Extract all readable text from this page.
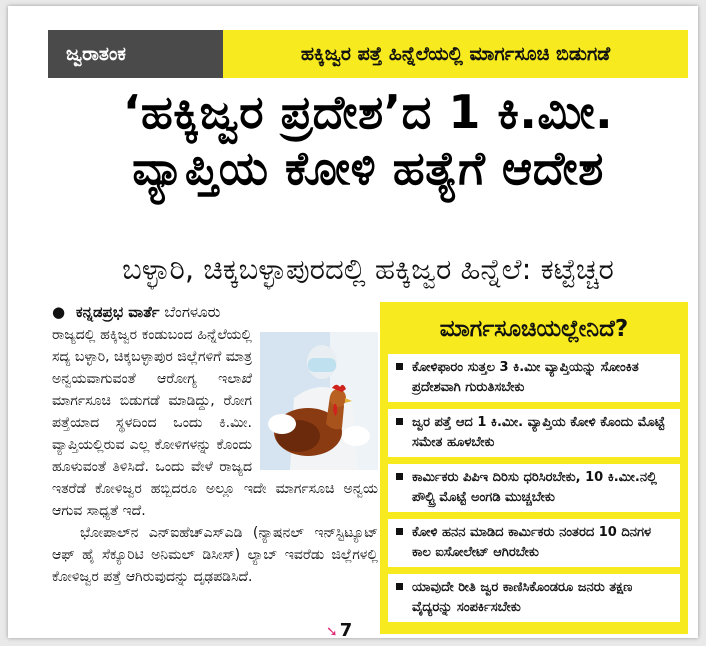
ಜ್ವರಾತಂಕ	ಹಕ್ಕಿಜ್ವರ ಪತ್ತೆ ಹಿನ್ನೆಲೆಯಲ್ಲಿ ಮಾರ್ಗಸೂಚಿ ಬಿಡುಗಡೆ
‘ಹಕ್ಕಿಜ್ವರ ಪ್ರದೇಶ’ದ 1 ಕಿ.ಮೀ.
ವ್ಯಾಪ್ತಿಯ ಕೋಳಿ ಹತ್ಯೆಗೆ ಆದೇಶ
ಬಳ್ಳಾರಿ, ಚಿಕ್ಕಬಳ್ಳಾಪುರದಲ್ಲಿ ಹಕ್ಕಿಜ್ವರ ಹಿನ್ನೆಲೆ: ಕಟ್ಟೆಚ್ಚರ
● ಕನ್ನಡಪ್ರಭ ವಾರ್ತೆ ಬೆಂಗಳೂರು

ರಾಜ್ಯದಲ್ಲಿ ಹಕ್ಕಿಜ್ವರ ಕಂಡುಬಂದ ಹಿನ್ನೆಲೆಯಲ್ಲಿ ಸದ್ಯ ಬಳ್ಳಾರಿ, ಚಿಕ್ಕಬಳ್ಳಾಪುರ ಜಿಲ್ಲೆಗಳಿಗೆ ಮಾತ್ರ ಅನ್ವಯವಾಗುವಂತೆ ಆರೋಗ್ಯ ಇಲಾಖೆ ಮಾರ್ಗಸೂಚಿ ಬಿಡುಗಡೆ ಮಾಡಿದ್ದು, ರೋಗ ಪತ್ತೆಯಾದ ಸ್ಥಳದಿಂದ ಒಂದು ಕಿ.ಮೀ. ವ್ಯಾಪ್ತಿಯಲ್ಲಿರುವ ಎಲ್ಲ ಕೋಳಿಗಳನ್ನು ಕೊಂದು ಹೂಳುವಂತೆ ತಿಳಿಸಿದೆ. ಒಂದು ವೇಳೆ ರಾಜ್ಯದ ಇತರೆಡೆ ಕೋಳಿಜ್ವರ ಹಬ್ಬಿದರೂ ಅಲ್ಲೂ ಇದೇ ಮಾರ್ಗಸೂಚಿ ಅನ್ವಯ ಆಗುವ ಸಾಧ್ಯತೆ ಇದೆ.

ಭೋಪಾಲ್‌ನ ಎನ್‌ಐಹೆಚ್‌ಎಸ್‌ಎಡಿ (ನ್ಯಾಷನಲ್ ಇನ್‌ಸ್ಟಿಟ್ಯೂಟ್ ಆಫ್ ಹೈ ಸೆಕ್ಯೂರಿಟಿ ಅನಿಮಲ್ ಡಿಸೀಸ್) ಲ್ಯಾಬ್ ಇವರೆಡು ಜಿಲ್ಲೆಗಳಲ್ಲಿ ಕೋಳಿಜ್ವರ ಪತ್ತೆ ಆಗಿರುವುದನ್ನು ದೃಢಪಡಿಸಿದೆ.

➘ 7
ಮಾರ್ಗಸೂಚಿಯಲ್ಲೇನಿದೆ?
ಕೋಳಿಫಾರಂ ಸುತ್ತಲ 3 ಕಿ.ಮೀ ವ್ಯಾಪ್ತಿಯನ್ನು ಸೋಂಕಿತ ಪ್ರದೇಶವಾಗಿ ಗುರುತಿಸಬೇಕು
ಜ್ವರ ಪತ್ತೆ ಆದ 1 ಕಿ.ಮೀ. ವ್ಯಾಪ್ತಿಯ ಕೋಳಿ ಕೊಂದು ಮೊಟ್ಟೆ ಸಮೇತ ಹೂಳಬೇಕು
ಕಾರ್ಮಿಕರು ಪಿಪಿಇ ದಿರಿಸು ಧರಿಸಿರಬೇಕು, 10 ಕಿ.ಮೀ.ನಲ್ಲಿ ಪೌಲ್ಟ್ರಿ ಮೊಟ್ಟೆ ಅಂಗಡಿ ಮುಚ್ಚಬೇಕು
ಕೋಳಿ ಹನನ ಮಾಡಿದ ಕಾರ್ಮಿಕರು ನಂತರದ 10 ದಿನಗಳ ಕಾಲ ಐಸೋಲೇಟ್ ಆಗಿರಬೇಕು
ಯಾವುದೇ ರೀತಿ ಜ್ವರ ಕಾಣಿಸಿಕೊಂಡರೂ ಜನರು ತಕ್ಷಣ ವೈದ್ಯರನ್ನು ಸಂಪರ್ಕಿಸಬೇಕು
